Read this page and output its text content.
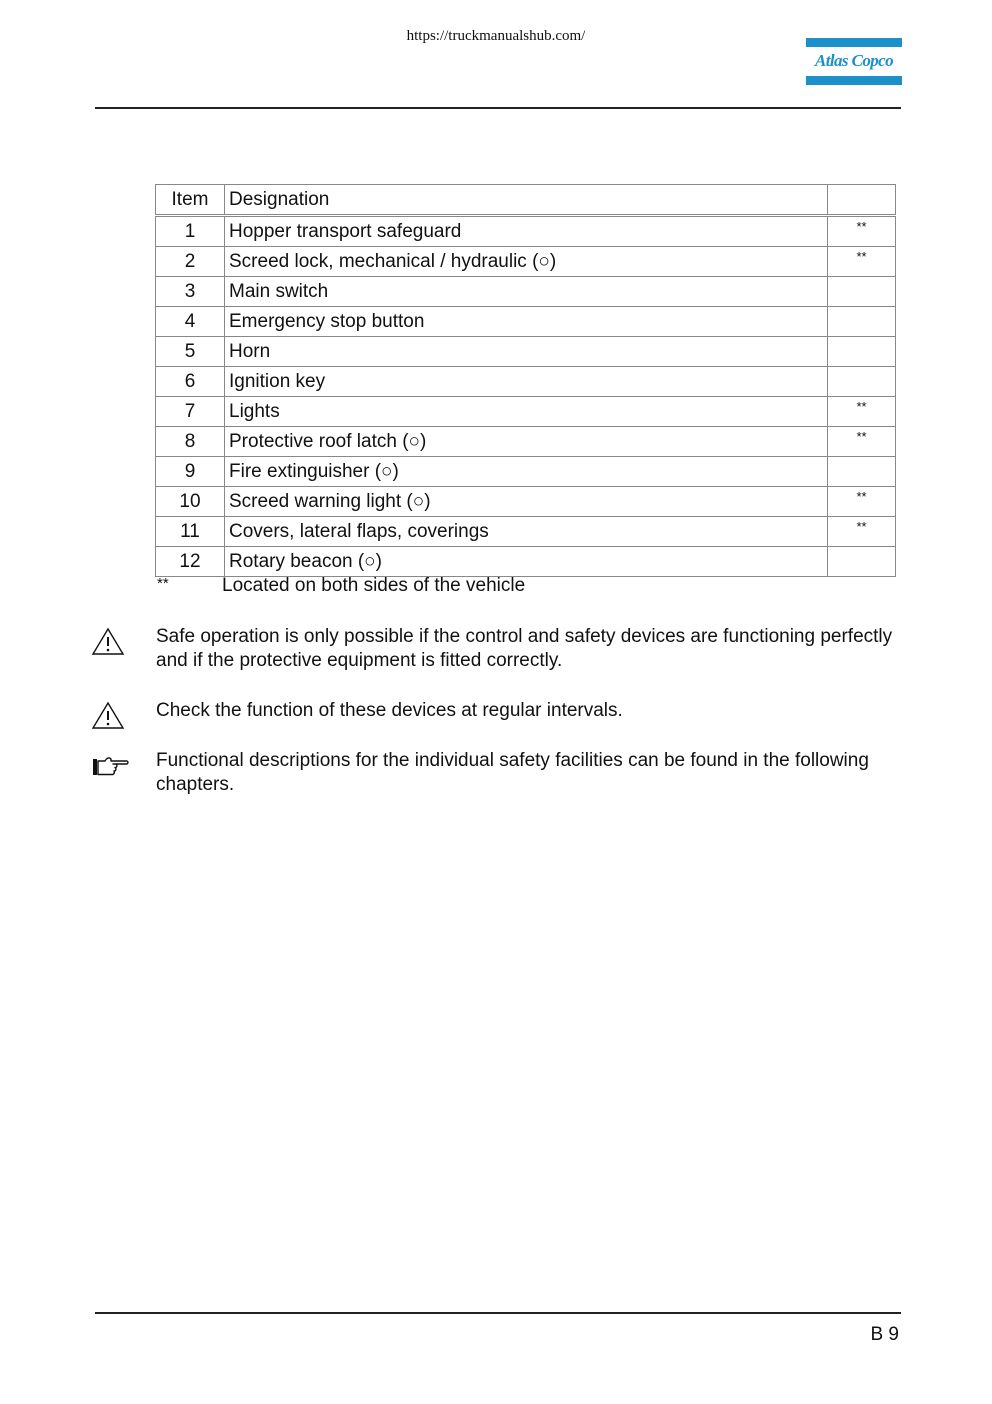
https://truckmanualshub.com/
Atlas Copco
Item	Designation	
1	Hopper transport safeguard	**
2	Screed lock, mechanical / hydraulic (○)	**
3	Main switch	
4	Emergency stop button	
5	Horn	
6	Ignition key	
7	Lights	**
8	Protective roof latch (○)	**
9	Fire extinguisher (○)	
10	Screed warning light (○)	**
11	Covers, lateral flaps, coverings	**
12	Rotary beacon (○)	
**	Located on both sides of the vehicle
Safe operation is only possible if the control and safety devices are functioning perfectly and if the protective equipment is fitted correctly.
Check the function of these devices at regular intervals.
Functional descriptions for the individual safety facilities can be found in the following chapters.
B 9
